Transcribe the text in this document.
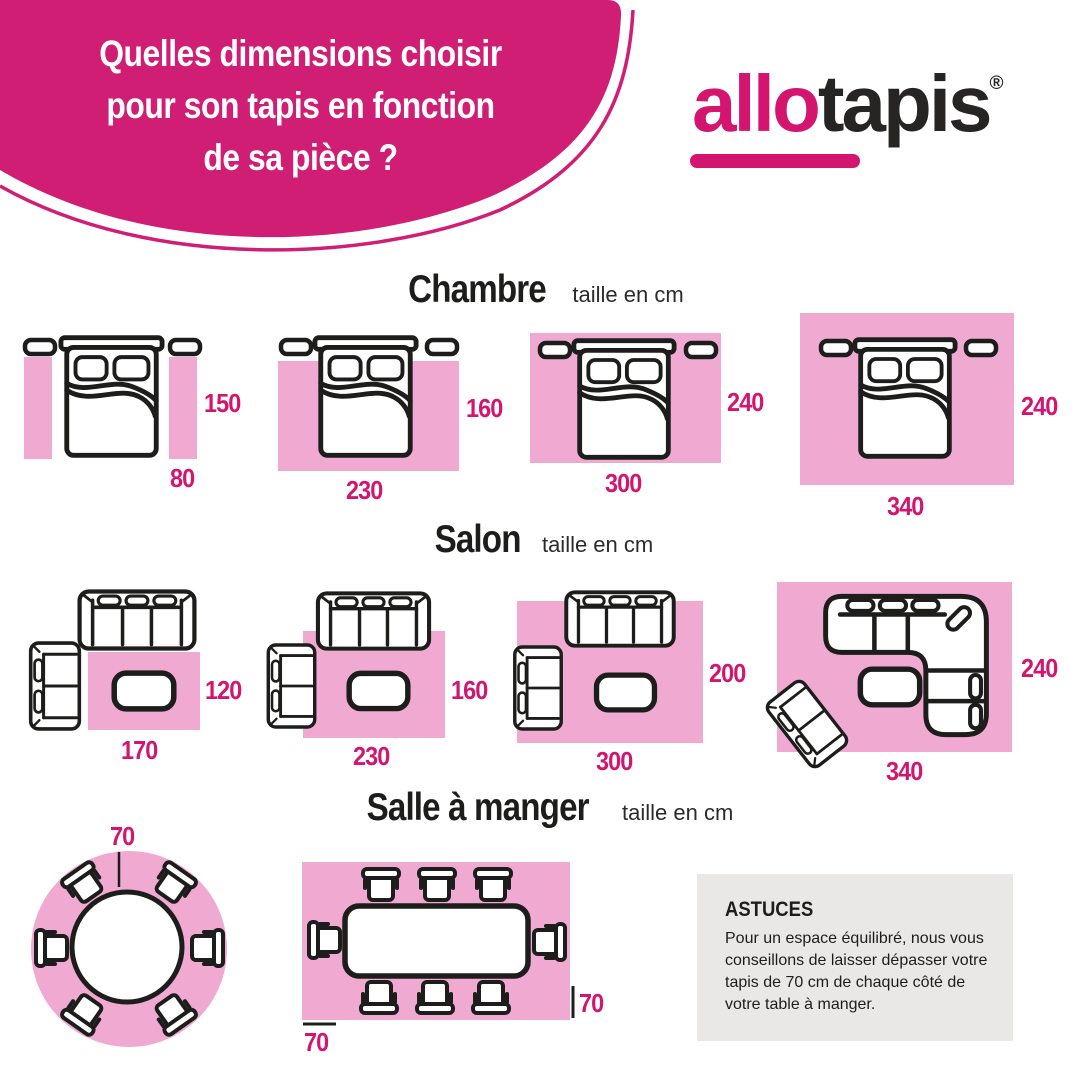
Quelles dimensions choisir
pour son tapis en fonction
de sa pièce ?
allotapis®
Chambre taille en cm
150
80
160
230
240
300
240
340
Salon taille en cm
120
170
160
230
200
300
240
340
Salle à manger taille en cm
70
70
70

ASTUCES

Pour un espace équilibré, nous vous conseillons de laisser dépasser votre tapis de 70 cm de chaque côté de votre table à manger.
